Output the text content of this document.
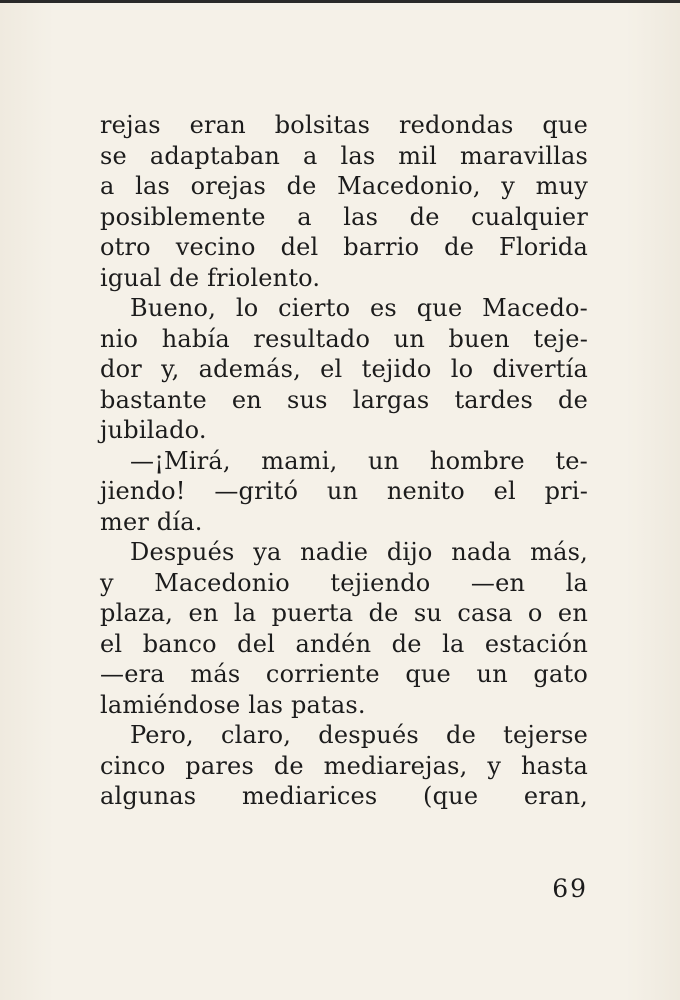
rejas eran bolsitas redondas que
se adaptaban a las mil maravillas
a las orejas de Macedonio, y muy
posiblemente a las de cualquier
otro vecino del barrio de Florida
igual de friolento.
Bueno, lo cierto es que Macedo-
nio había resultado un buen teje-
dor y, además, el tejido lo divertía
bastante en sus largas tardes de
jubilado.
—¡Mirá, mami, un hombre te-
jiendo! —gritó un nenito el pri-
mer día.
Después ya nadie dijo nada más,
y Macedonio tejiendo —en la
plaza, en la puerta de su casa o en
el banco del andén de la estación
—era más corriente que un gato
lamiéndose las patas.
Pero, claro, después de tejerse
cinco pares de mediarejas, y hasta
algunas mediarices (que eran,
69
